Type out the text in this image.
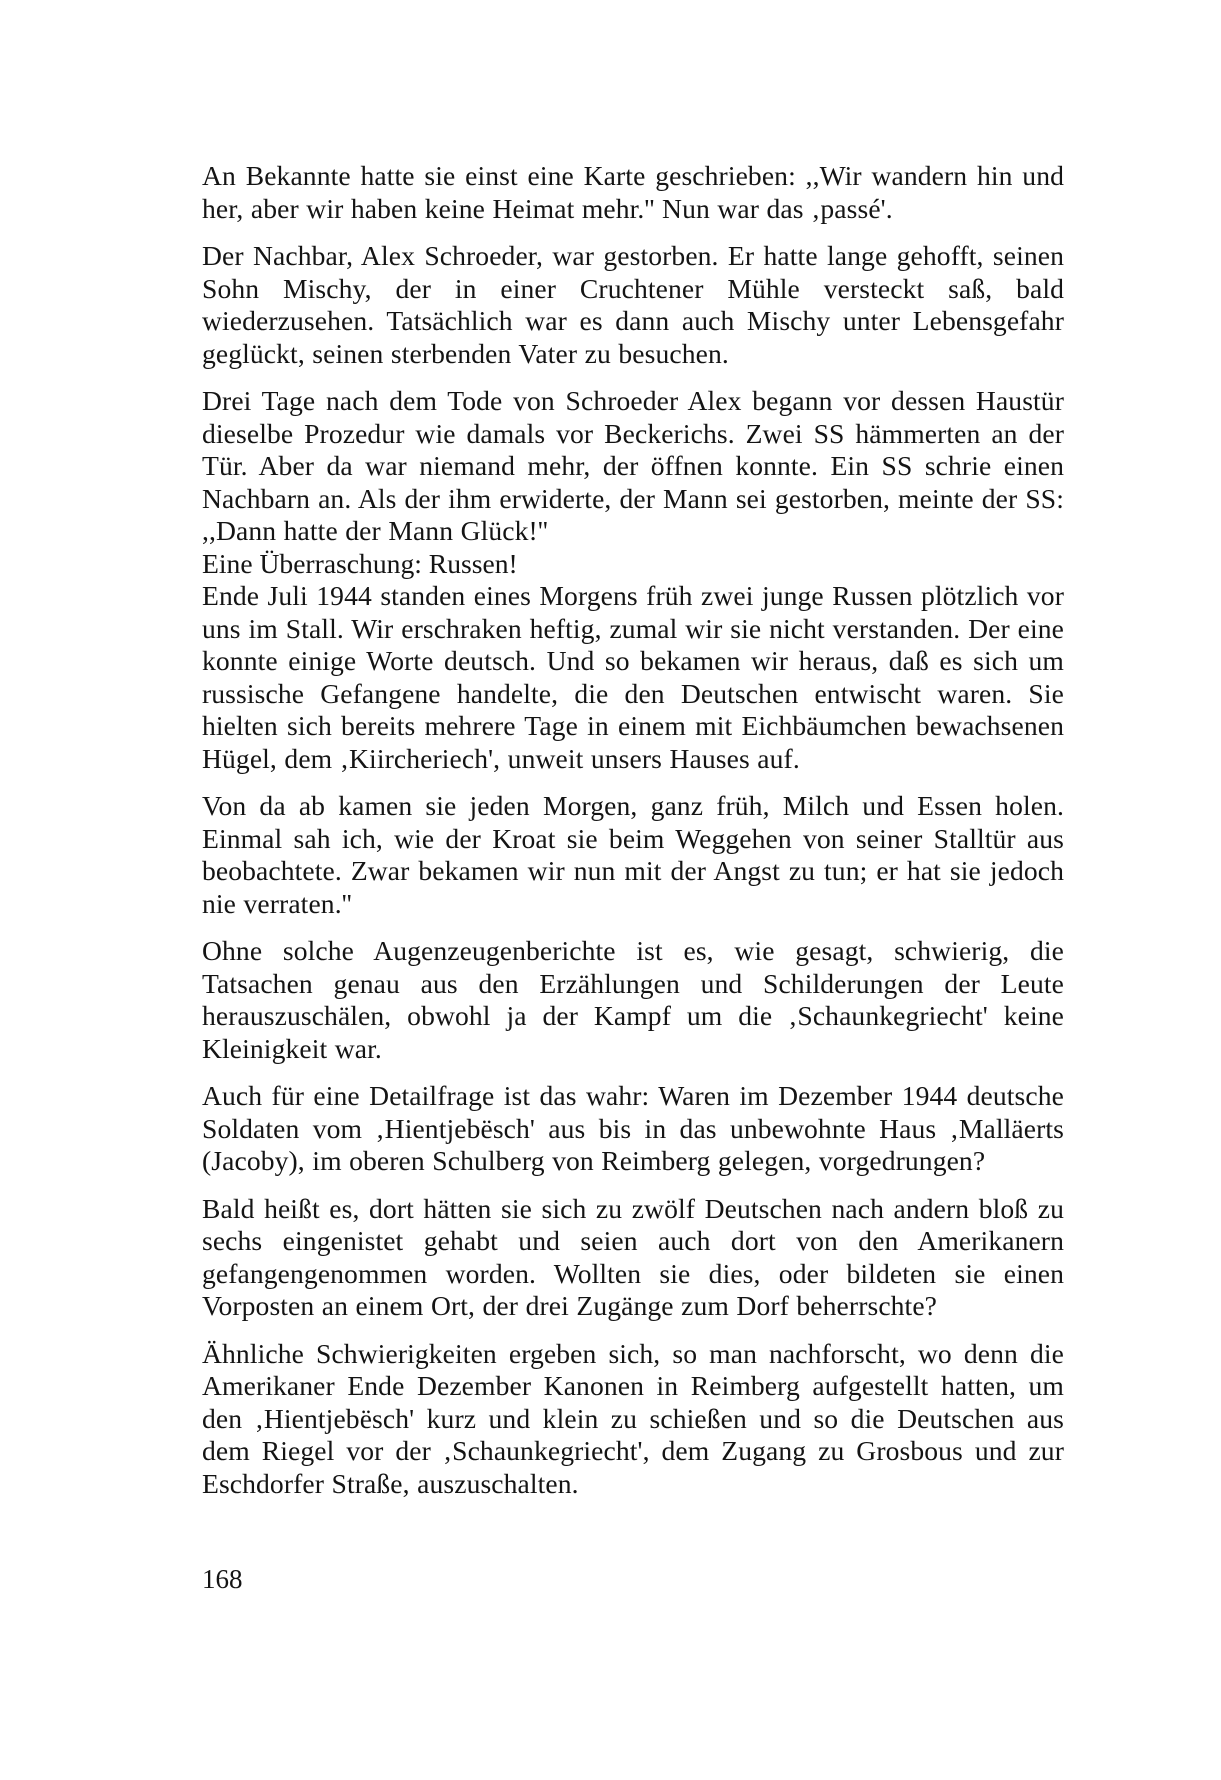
An Bekannte hatte sie einst eine Karte geschrieben: ,,Wir wandern hin und her, aber wir haben keine Heimat mehr.'' Nun war das ‚passé'.

Der Nachbar, Alex Schroeder, war gestorben. Er hatte lange gehofft, seinen Sohn Mischy, der in einer Cruchtener Mühle versteckt saß, bald wiederzusehen. Tatsächlich war es dann auch Mischy unter Lebensgefahr geglückt, seinen sterbenden Vater zu besuchen.

Drei Tage nach dem Tode von Schroeder Alex begann vor dessen Haustür dieselbe Prozedur wie damals vor Beckerichs. Zwei SS hämmerten an der Tür. Aber da war niemand mehr, der öffnen konnte. Ein SS schrie einen Nachbarn an. Als der ihm erwiderte, der Mann sei gestorben, meinte der SS: ,,Dann hatte der Mann Glück!''

Eine Überraschung: Russen!

Ende Juli 1944 standen eines Morgens früh zwei junge Russen plötzlich vor uns im Stall. Wir erschraken heftig, zumal wir sie nicht verstanden. Der eine konnte einige Worte deutsch. Und so bekamen wir heraus, daß es sich um russische Gefangene handelte, die den Deutschen entwischt waren. Sie hielten sich bereits mehrere Tage in einem mit Eichbäumchen bewachsenen Hügel, dem ‚Kiircheriech', unweit unsers Hauses auf.

Von da ab kamen sie jeden Morgen, ganz früh, Milch und Essen holen. Einmal sah ich, wie der Kroat sie beim Weggehen von seiner Stalltür aus beobachtete. Zwar bekamen wir nun mit der Angst zu tun; er hat sie jedoch nie verraten.''

Ohne solche Augenzeugenberichte ist es, wie gesagt, schwierig, die Tatsachen genau aus den Erzählungen und Schilderungen der Leute herauszuschälen, obwohl ja der Kampf um die ‚Schaunkegriecht' keine Kleinigkeit war.

Auch für eine Detailfrage ist das wahr: Waren im Dezember 1944 deutsche Soldaten vom ‚Hientjebësch' aus bis in das unbewohnte Haus ‚Malläerts (Jacoby), im oberen Schulberg von Reimberg gelegen, vorgedrungen?

Bald heißt es, dort hätten sie sich zu zwölf Deutschen nach andern bloß zu sechs eingenistet gehabt und seien auch dort von den Amerikanern gefangengenommen worden. Wollten sie dies, oder bildeten sie einen Vorposten an einem Ort, der drei Zugänge zum Dorf beherrschte?

Ähnliche Schwierigkeiten ergeben sich, so man nachforscht, wo denn die Amerikaner Ende Dezember Kanonen in Reimberg aufgestellt hatten, um den ‚Hientjebësch' kurz und klein zu schießen und so die Deutschen aus dem Riegel vor der ‚Schaunkegriecht', dem Zugang zu Grosbous und zur Eschdorfer Straße, auszuschalten.

168
